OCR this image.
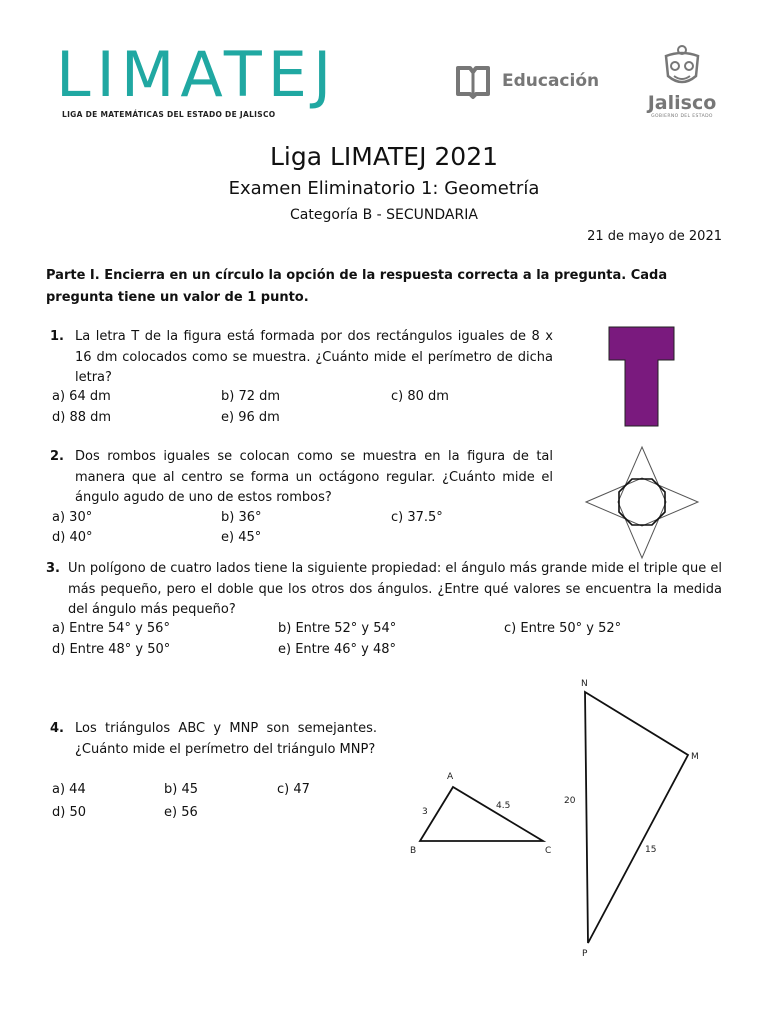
LIMATEJ
LIGA DE MATEMÁTICAS DEL ESTADO DE JALISCO
Educación
Jalisco
GOBIERNO DEL ESTADO
Liga LIMATEJ 2021
Examen Eliminatorio 1: Geometría
Categoría B - SECUNDARIA
21 de mayo de 2021
Parte I. Encierra en un círculo la opción de la respuesta correcta a la pregunta. Cada pregunta tiene un valor de 1 punto.
1. La letra T de la figura está formada por dos rectángulos iguales de 8 x 16 dm colocados como se muestra. ¿Cuánto mide el perímetro de dicha letra?
a) 64 dm	b) 72 dm	c) 80 dm
d) 88 dm	e) 96 dm
2. Dos rombos iguales se colocan como se muestra en la figura de tal manera que al centro se forma un octágono regular. ¿Cuánto mide el ángulo agudo de uno de estos rombos?
a) 30°	b) 36°	c) 37.5°
d) 40°	e) 45°
3. Un polígono de cuatro lados tiene la siguiente propiedad: el ángulo más grande mide el triple que el más pequeño, pero el doble que los otros dos ángulos. ¿Entre qué valores se encuentra la medida del ángulo más pequeño?
a) Entre 54° y 56°	b) Entre 52° y 54°	c) Entre 50° y 52°
d) Entre 48° y 50°	e) Entre 46° y 48°
4. Los triángulos ABC y MNP son semejantes. ¿Cuánto mide el perímetro del triángulo MNP?
a) 44	b) 45	c) 47
d) 50	e) 56
A
B	C
3
4.5
N
M
P
20
15
